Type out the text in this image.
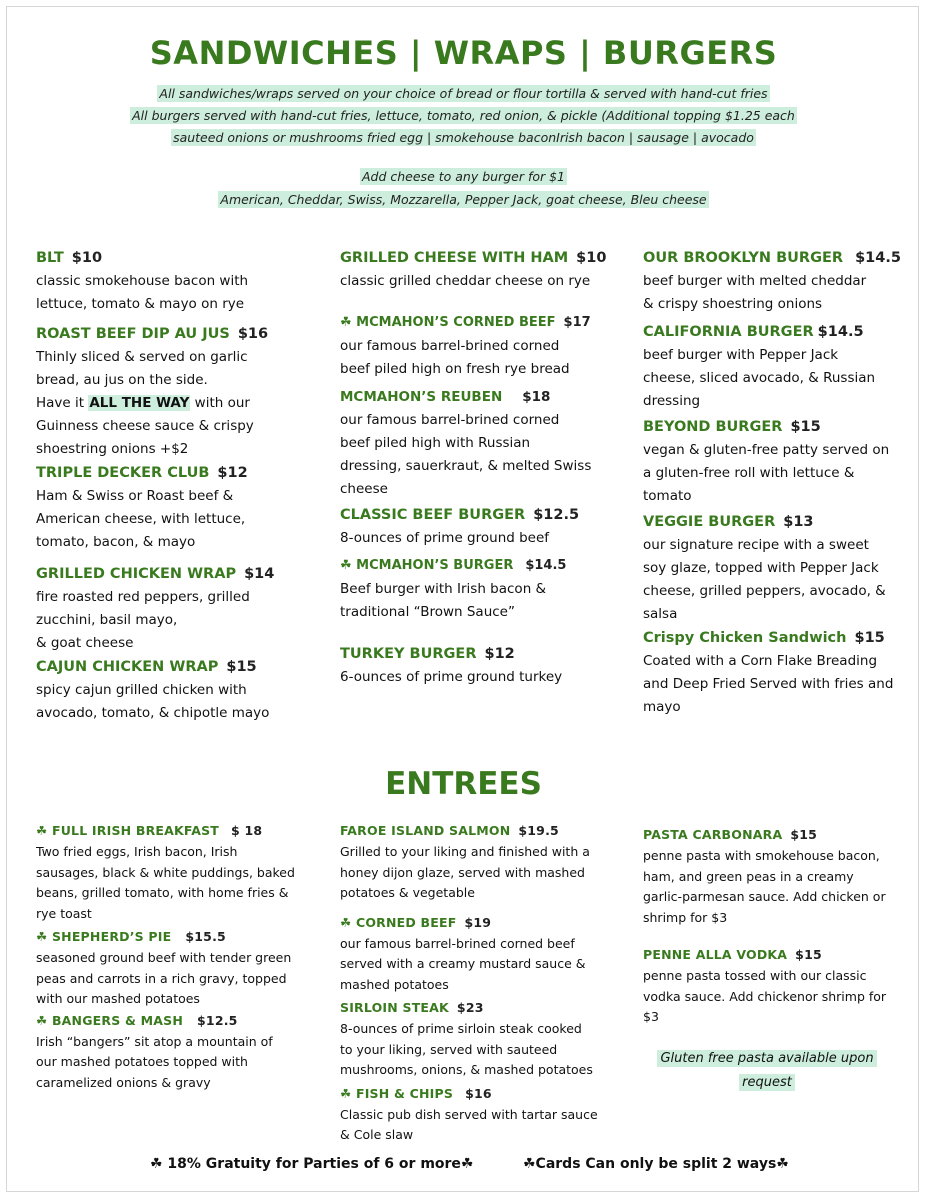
SANDWICHES | WRAPS | BURGERS
All sandwiches/wraps served on your choice of bread or flour tortilla & served with hand-cut fries
All burgers served with hand-cut fries, lettuce, tomato, red onion, & pickle (Additional topping $1.25 each
sauteed onions or mushrooms fried egg | smokehouse baconIrish bacon | sausage | avocado
Add cheese to any burger for $1
American, Cheddar, Swiss, Mozzarella, Pepper Jack, goat cheese, Bleu cheese
BLT $10
classic smokehouse bacon with
lettuce, tomato & mayo on rye
ROAST BEEF DIP AU JUS $16
Thinly sliced & served on garlic
bread, au jus on the side.
Have it ALL THE WAY with our
Guinness cheese sauce & crispy
shoestring onions +$2
TRIPLE DECKER CLUB $12
Ham & Swiss or Roast beef &
American cheese, with lettuce,
tomato, bacon, & mayo
GRILLED CHICKEN WRAP $14
fire roasted red peppers, grilled
zucchini, basil mayo,
& goat cheese
CAJUN CHICKEN WRAP $15
spicy cajun grilled chicken with
avocado, tomato, & chipotle mayo
GRILLED CHEESE WITH HAM $10
classic grilled cheddar cheese on rye
☘ MCMAHON’S CORNED BEEF $17
our famous barrel-brined corned
beef piled high on fresh rye bread
MCMAHON’S REUBEN $18
our famous barrel-brined corned
beef piled high with Russian
dressing, sauerkraut, & melted Swiss
cheese
CLASSIC BEEF BURGER $12.5
8-ounces of prime ground beef
☘ MCMAHON’S BURGER $14.5
Beef burger with Irish bacon &
traditional “Brown Sauce”
TURKEY BURGER $12
6-ounces of prime ground turkey
OUR BROOKLYN BURGER $14.5
beef burger with melted cheddar
& crispy shoestring onions
CALIFORNIA BURGER $14.5
beef burger with Pepper Jack
cheese, sliced avocado, & Russian
dressing
BEYOND BURGER $15
vegan & gluten-free patty served on
a gluten-free roll with lettuce &
tomato
VEGGIE BURGER $13
our signature recipe with a sweet
soy glaze, topped with Pepper Jack
cheese, grilled peppers, avocado, &
salsa
Crispy Chicken Sandwich $15
Coated with a Corn Flake Breading
and Deep Fried Served with fries and
mayo
ENTREES
☘ FULL IRISH BREAKFAST $ 18
Two fried eggs, Irish bacon, Irish
sausages, black & white puddings, baked
beans, grilled tomato, with home fries &
rye toast
☘ SHEPHERD’S PIE $15.5
seasoned ground beef with tender green
peas and carrots in a rich gravy, topped
with our mashed potatoes
☘ BANGERS & MASH $12.5
Irish “bangers” sit atop a mountain of
our mashed potatoes topped with
caramelized onions & gravy
FAROE ISLAND SALMON $19.5
Grilled to your liking and finished with a
honey dijon glaze, served with mashed
potatoes & vegetable
☘ CORNED BEEF $19
our famous barrel-brined corned beef
served with a creamy mustard sauce &
mashed potatoes
SIRLOIN STEAK $23
8-ounces of prime sirloin steak cooked
to your liking, served with sauteed
mushrooms, onions, & mashed potatoes
☘ FISH & CHIPS $16
Classic pub dish served with tartar sauce
& Cole slaw
PASTA CARBONARA $15
penne pasta with smokehouse bacon,
ham, and green peas in a creamy
garlic-parmesan sauce. Add chicken or
shrimp for $3
PENNE ALLA VODKA $15
penne pasta tossed with our classic
vodka sauce. Add chickenor shrimp for
$3
Gluten free pasta available upon
request
☘ 18% Gratuity for Parties of 6 or more☘	☘Cards Can only be split 2 ways☘
